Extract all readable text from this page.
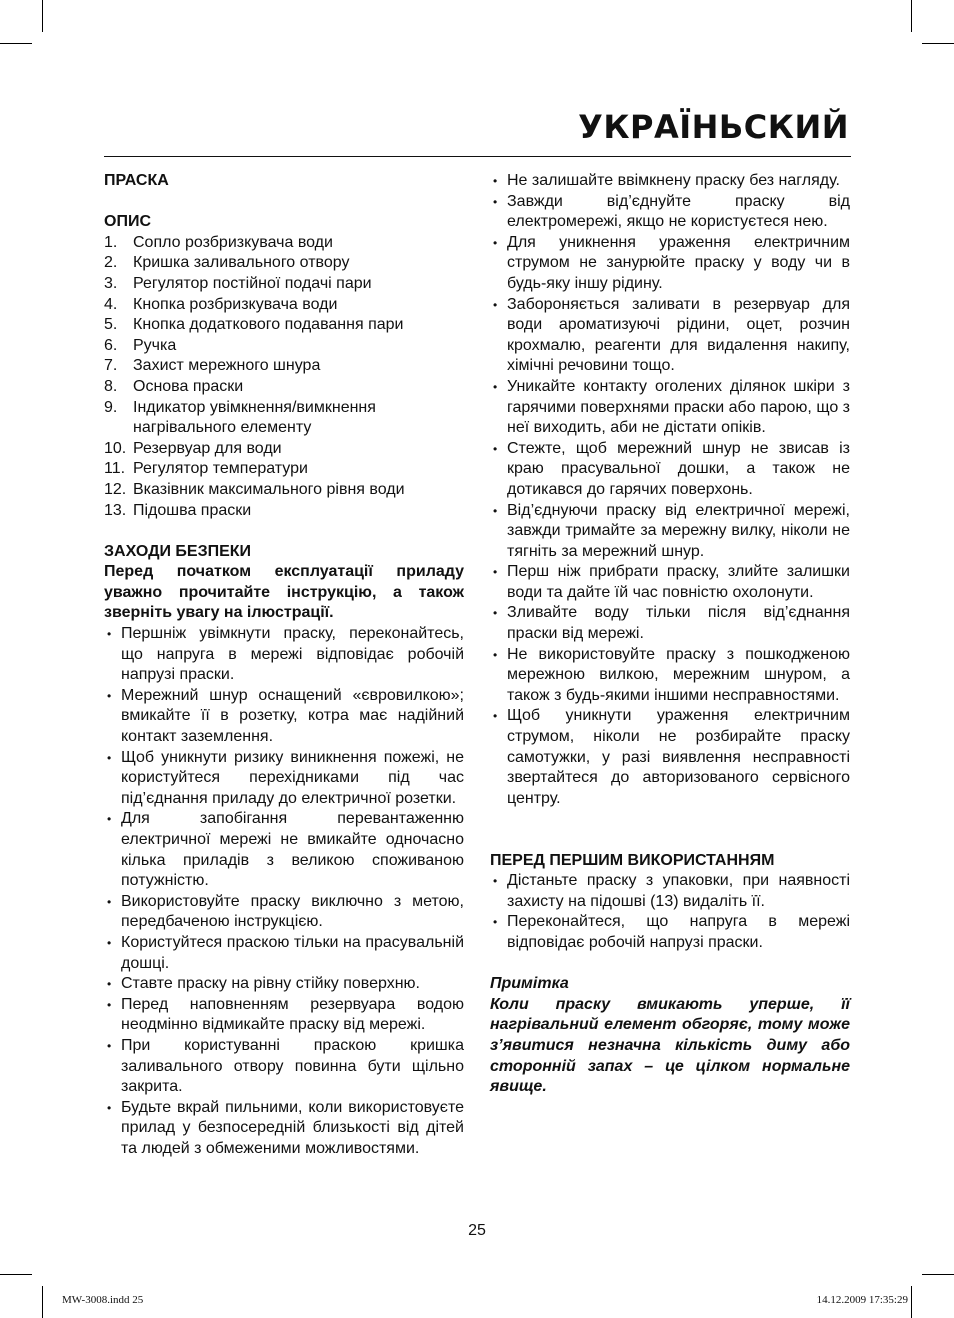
УКРАЇНЬСКИЙ

ПРАСКА

ОПИС

1. Сопло розбризкувача води
2. Кришка заливального отвору
3. Регулятор постійної подачі пари
4. Кнопка розбризкувача води
5. Кнопка додаткового подавання пари
6. Ручка
7. Захист мережного шнура
8. Основа праски
9. Індикатор увімкнення/вимкнення нагрівального елементу
10. Резервуар для води
11. Регулятор температури
12. Вказівник максимального рівня води
13. Підошва праски

ЗАХОДИ БЕЗПЕКИ

Перед початком експлуатації приладу уважно прочитайте інструкцію, а також зверніть увагу на ілюстрації.

• Першніж увімкнути праску, переконайтесь, що напруга в мережі відповідає робочій напрузі праски.
• Мережний шнур оснащений «євровилкою»; вмикайте її в розетку, котра має надійний контакт заземлення.
• Щоб уникнути ризику виникнення пожежі, не користуйтеся перехідниками під час під’єднання приладу до електричної розетки.
• Для запобігання перевантаженню електричної мережі не вмикайте одночасно кілька приладів з великою споживаною потужністю.
• Використовуйте праску виключно з метою, передбаченою інструкцією.
• Користуйтеся праскою тільки на прасувальній дошці.
• Ставте праску на рівну стійку поверхню.
• Перед наповненням резервуара водою неодмінно відмикайте праску від мережі.
• При користуванні праскою кришка заливального отвору повинна бути щільно закрита.
• Будьте вкрай пильними, коли використовуєте прилад у безпосередній близькості від дітей та людей з обмеженими можливостями.
• Не залишайте ввімкнену праску без нагляду.
• Завжди від’єднуйте праску від електромережі, якщо не користуєтеся нею.
• Для уникнення ураження електричним струмом не занурюйте праску у воду чи в будь-яку іншу рідину.
• Забороняється заливати в резервуар для води ароматизуючі рідини, оцет, розчин крохмалю, реагенти для видалення накипу, хімічні речовини тощо.
• Уникайте контакту оголених ділянок шкіри з гарячими поверхнями праски або парою, що з неї виходить, аби не дістати опіків.
• Стежте, щоб мережний шнур не звисав із краю прасувальної дошки, а також не дотикався до гарячих поверхонь.
• Від’єднуючи праску від електричної мережі, завжди тримайте за мережну вилку, ніколи не тягніть за мережний шнур.
• Перш ніж прибрати праску, злийте залишки води та дайте їй час повністю охолонути.
• Зливайте воду тільки після від’єднання праски від мережі.
• Не використовуйте праску з пошкодженою мережною вилкою, мережним шнуром, а також з будь-якими іншими несправностями.
• Щоб уникнути ураження електричним струмом, ніколи не розбирайте праску самотужки, у разі виявлення несправності звертайтеся до авторизованого сервісного центру.

ПЕРЕД ПЕРШИМ ВИКОРИСТАННЯМ

• Дістаньте праску з упаковки, при наявності захисту на підошві (13) видаліть її.
• Переконайтеся, що напруга в мережі відповідає робочій напрузі праски.

Примітка

Коли праску вмикають уперше, її нагрівальний елемент обгоряє, тому може з’явитися незначна кількість диму або сторонній запах – це цілком нормальне явище.

25
MW-3008.indd 25	14.12.2009 17:35:29
